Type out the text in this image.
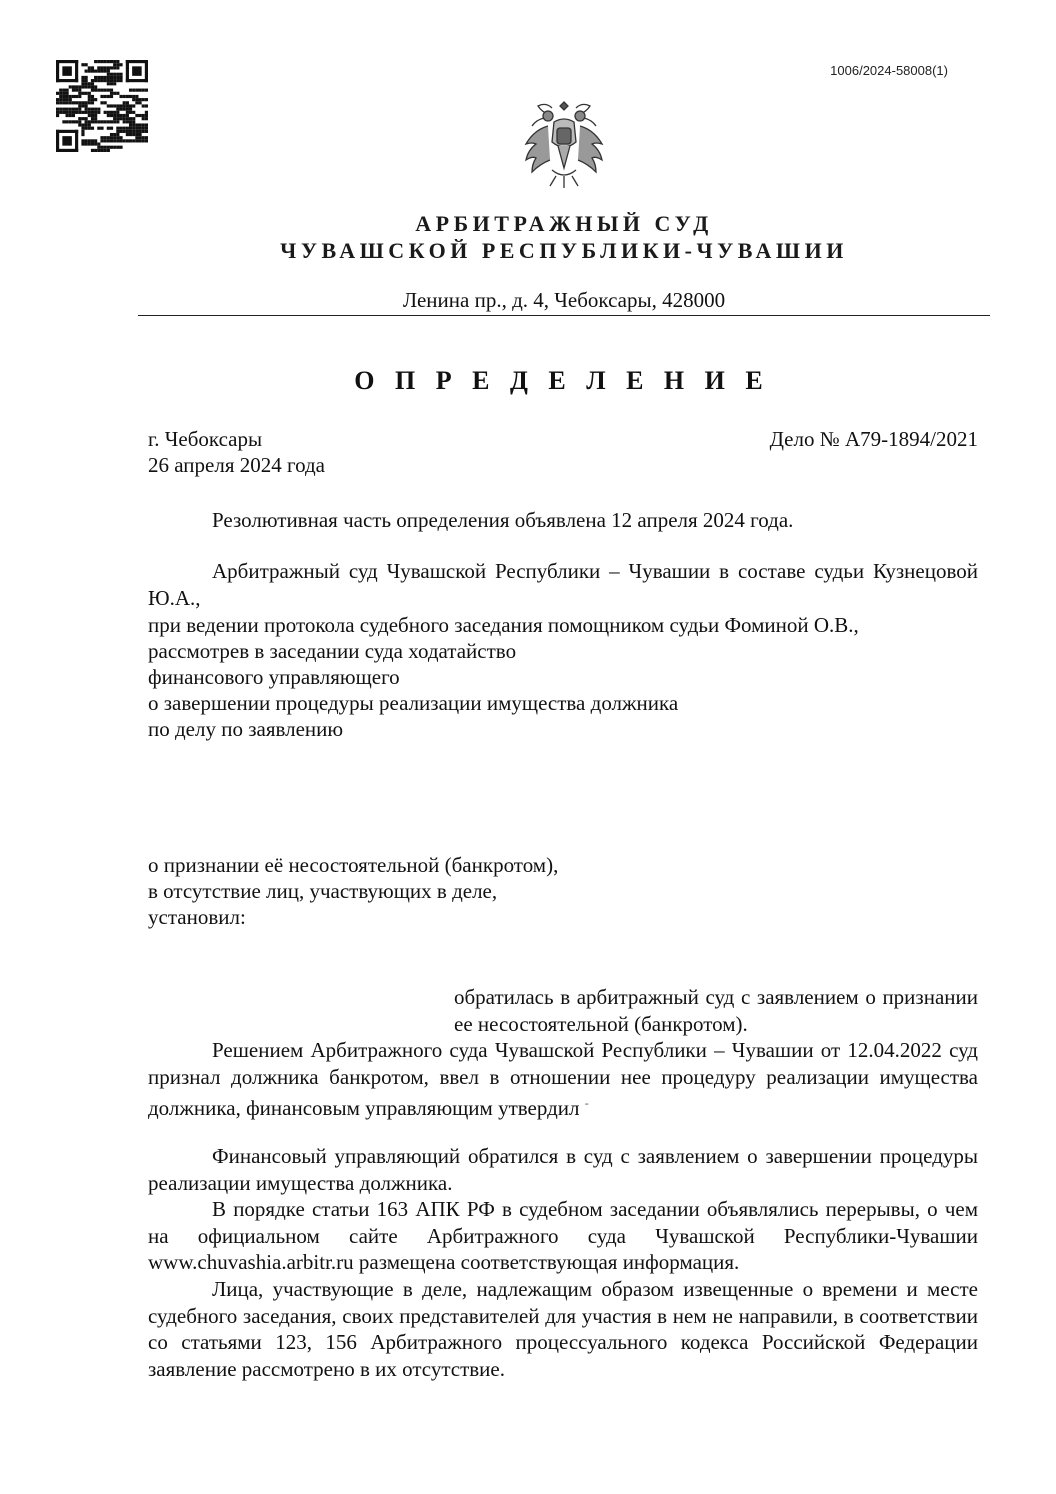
1006/2024-58008(1)
АРБИТРАЖНЫЙ СУД
ЧУВАШСКОЙ РЕСПУБЛИКИ-ЧУВАШИИ
Ленина пр., д. 4, Чебоксары, 428000
О П Р Е Д Е Л Е Н И Е
г. Чебоксары
26 апреля 2024 года
Дело № А79-1894/2021
Резолютивная часть определения объявлена 12 апреля 2024 года.
Арбитражный суд Чувашской Республики – Чувашии в составе судьи Кузнецовой Ю.А.,
при ведении протокола судебного заседания помощником судьи Фоминой О.В.,
рассмотрев в заседании суда ходатайство
финансового управляющего
о завершении процедуры реализации имущества должника
по делу по заявлению
о признании её несостоятельной (банкротом),
в отсутствие лиц, участвующих в деле,
установил:
обратилась в арбитражный суд с заявлением о признании ее несостоятельной (банкротом).
Решением Арбитражного суда Чувашской Республики – Чувашии от 12.04.2022 суд признал должника банкротом, ввел в отношении нее процедуру реализации имущества должника, финансовым управляющим утвердил -
Финансовый управляющий обратился в суд с заявлением о завершении процедуры реализации имущества должника.
В порядке статьи 163 АПК РФ в судебном заседании объявлялись перерывы, о чем на официальном сайте Арбитражного суда Чувашской Республики-Чувашии www.chuvashia.arbitr.ru размещена соответствующая информация.
Лица, участвующие в деле, надлежащим образом извещенные о времени и месте судебного заседания, своих представителей для участия в нем не направили, в соответствии со статьями 123, 156 Арбитражного процессуального кодекса Российской Федерации заявление рассмотрено в их отсутствие.
